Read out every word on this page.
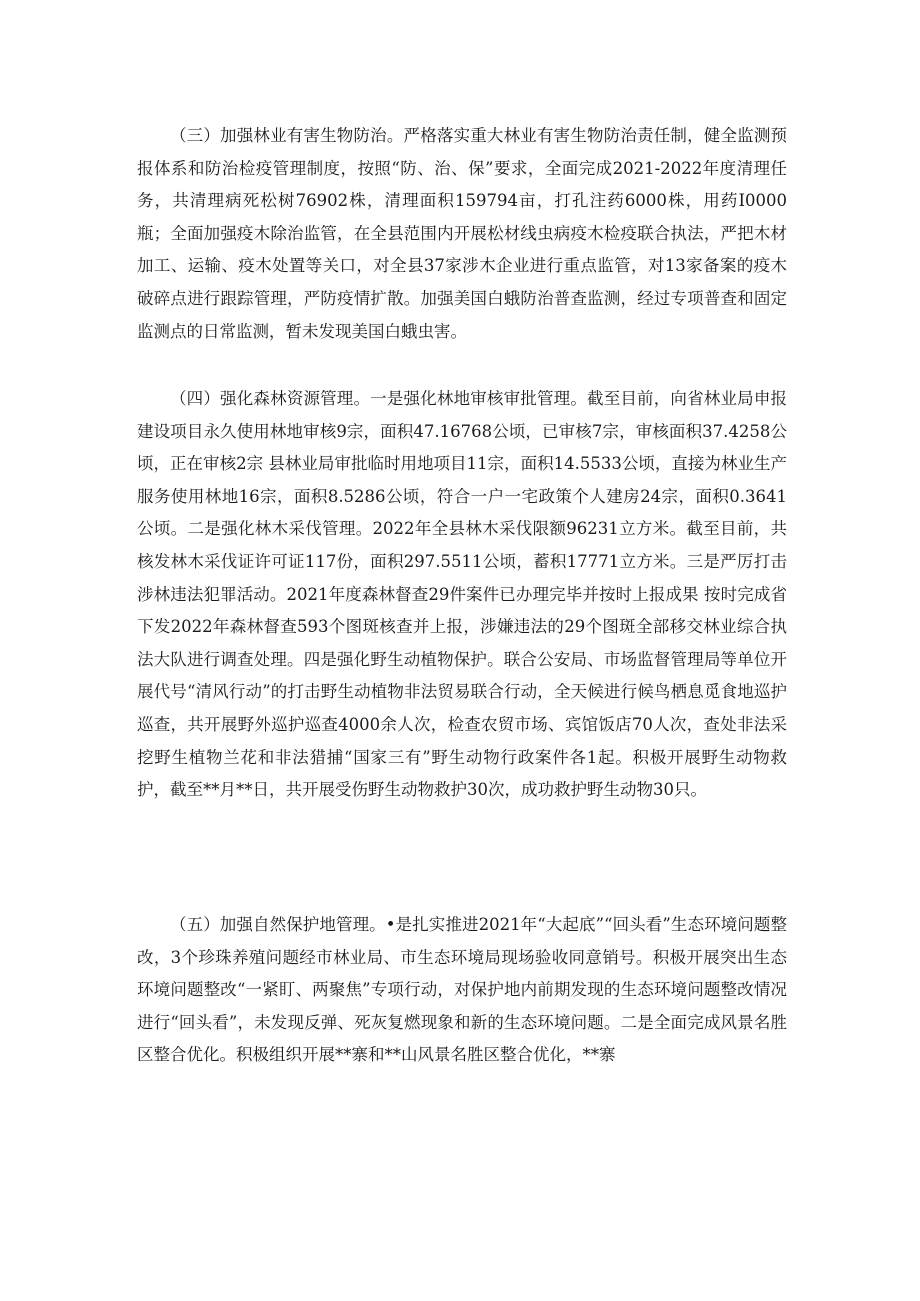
（三）加强林业有害生物防治。严格落实重大林业有害生物防治责任制，健全监测预报体系和防治检疫管理制度，按照“防、治、保”要求，全面完成2021-2022年度清理任务，共清理病死松树76902株，清理面积159794亩，打孔注药6000株，用药I0000瓶；全面加强疫木除治监管，在全县范围内开展松材线虫病疫木检疫联合执法，严把木材加工、运输、疫木处置等关口，对全县37家涉木企业进行重点监管，对13家备案的疫木破碎点进行跟踪管理，严防疫情扩散。加强美国白蛾防治普查监测，经过专项普查和固定监测点的日常监测，暂未发现美国白蛾虫害。

（四）强化森林资源管理。一是强化林地审核审批管理。截至目前，向省林业局申报建设项目永久使用林地审核9宗，面积47.16768公顷，已审核7宗，审核面积37.4258公顷，正在审核2宗 县林业局审批临时用地项目11宗，面积14.5533公顷，直接为林业生产服务使用林地16宗，面积8.5286公顷，符合一户一宅政策个人建房24宗，面积0.3641公顷。二是强化林木采伐管理。2022年全县林木采伐限额96231立方米。截至目前，共核发林木采伐证许可证117份，面积297.5511公顷，蓄积17771立方米。三是严厉打击涉林违法犯罪活动。2021年度森林督查29件案件已办理完毕并按时上报成果 按时完成省下发2022年森林督查593个图斑核查并上报，涉嫌违法的29个图斑全部移交林业综合执法大队进行调查处理。四是强化野生动植物保护。联合公安局、市场监督管理局等单位开展代号“清风行动”的打击野生动植物非法贸易联合行动，全天候进行候鸟栖息觅食地巡护巡查，共开展野外巡护巡查4000余人次，检查农贸市场、宾馆饭店70人次，查处非法采挖野生植物兰花和非法猎捕“国家三有”野生动物行政案件各1起。积极开展野生动物救护，截至**月**日，共开展受伤野生动物救护30次，成功救护野生动物30只。

（五）加强自然保护地管理。•是扎实推进2021年“大起底”“回头看”生态环境问题整改，3个珍珠养殖问题经市林业局、市生态环境局现场验收同意销号。积极开展突出生态环境问题整改“一紧盯、两聚焦”专项行动，对保护地内前期发现的生态环境问题整改情况进行“回头看”，未发现反弹、死灰复燃现象和新的生态环境问题。二是全面完成风景名胜区整合优化。积极组织开展**寨和**山风景名胜区整合优化，**寨
